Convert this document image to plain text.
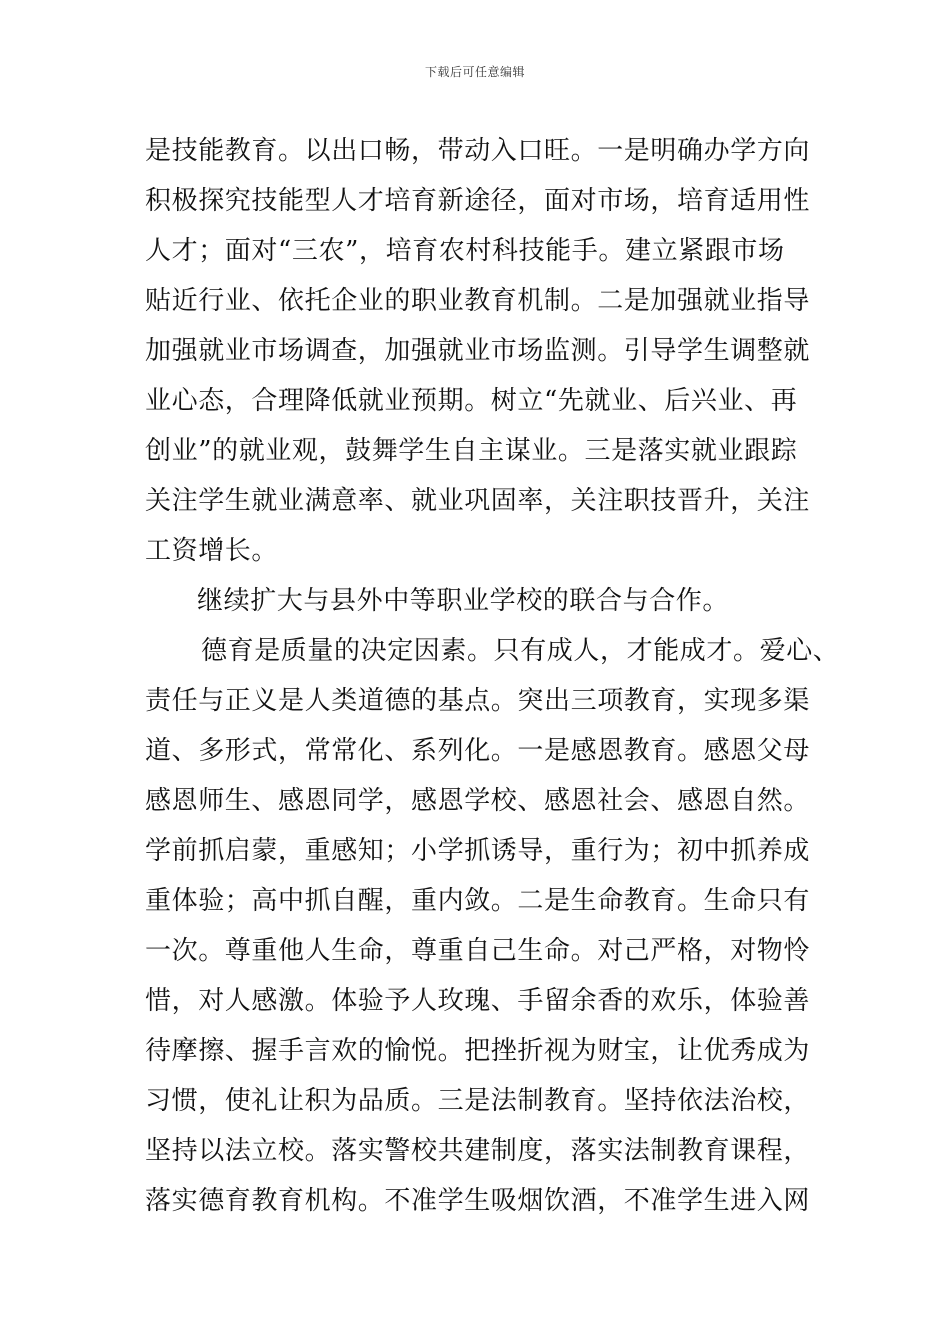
下载后可任意编辑
是技能教育。以出口畅，带动入口旺。一是明确办学方向
积极探究技能型人才培育新途径，面对市场，培育适用性
人才；面对“三农”，培育农村科技能手。建立紧跟市场
贴近行业、依托企业的职业教育机制。二是加强就业指导
加强就业市场调查，加强就业市场监测。引导学生调整就
业心态，合理降低就业预期。树立“先就业、后兴业、再
创业”的就业观，鼓舞学生自主谋业。三是落实就业跟踪
关注学生就业满意率、就业巩固率，关注职技晋升，关注
工资增长。
继续扩大与县外中等职业学校的联合与合作。
德育是质量的决定因素。只有成人，才能成才。爱心、
责任与正义是人类道德的基点。突出三项教育，实现多渠
道、多形式，常常化、系列化。一是感恩教育。感恩父母
感恩师生、感恩同学，感恩学校、感恩社会、感恩自然。
学前抓启蒙，重感知；小学抓诱导，重行为；初中抓养成
重体验；高中抓自醒，重内敛。二是生命教育。生命只有
一次。尊重他人生命，尊重自己生命。对己严格，对物怜
惜，对人感激。体验予人玫瑰、手留余香的欢乐，体验善
待摩擦、握手言欢的愉悦。把挫折视为财宝，让优秀成为
习惯，使礼让积为品质。三是法制教育。坚持依法治校，
坚持以法立校。落实警校共建制度，落实法制教育课程，
落实德育教育机构。不准学生吸烟饮酒，不准学生进入网
